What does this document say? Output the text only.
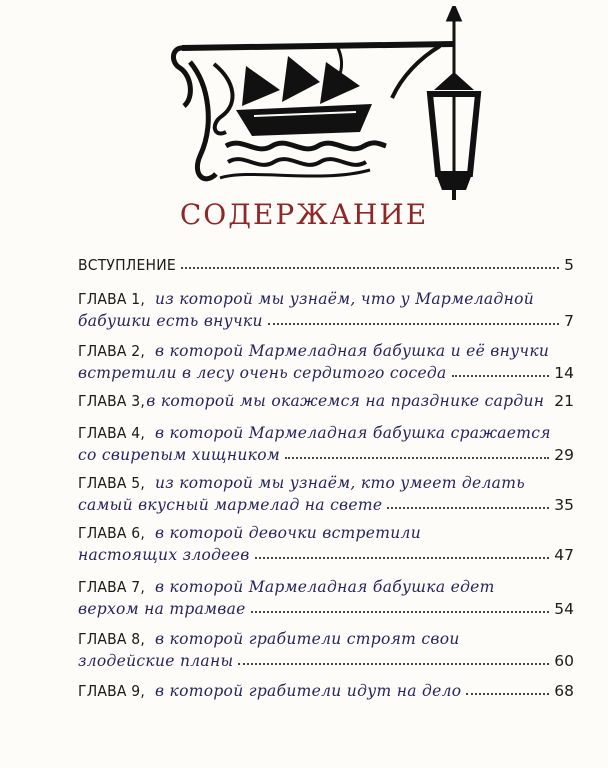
СОДЕРЖАНИЕ
ВСТУПЛЕНИЕ	5
ГЛАВА 1, из которой мы узнаём, что у Мармеладной
бабушки есть внучки	7
ГЛАВА 2, в которой Мармеладная бабушка и её внучки
встретили в лесу очень сердитого соседа	14
ГЛАВА 3, в которой мы окажемся на празднике сардин 21
ГЛАВА 4, в которой Мармеладная бабушка сражается
со свирепым хищником	29
ГЛАВА 5, из которой мы узнаём, кто умеет делать
самый вкусный мармелад на свете	35
ГЛАВА 6, в которой девочки встретили
настоящих злодеев	47
ГЛАВА 7, в которой Мармеладная бабушка едет
верхом на трамвае	54
ГЛАВА 8, в которой грабители строят свои
злодейские планы	60
ГЛАВА 9, в которой грабители идут на дело	68
